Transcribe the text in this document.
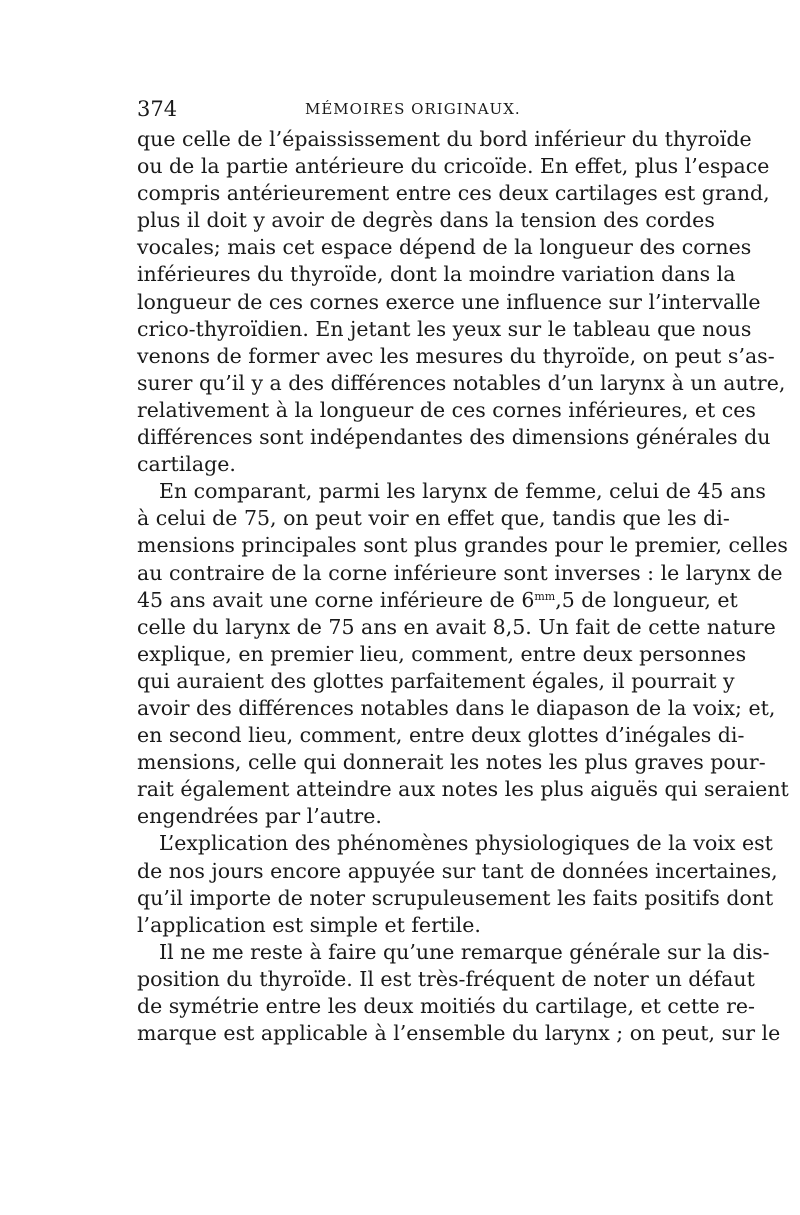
374	MÉMOIRES ORIGINAUX.
que celle de l’épaississement du bord inférieur du thyroïde
ou de la partie antérieure du cricoïde. En effet, plus l’espace
compris antérieurement entre ces deux cartilages est grand,
plus il doit y avoir de degrès dans la tension des cordes
vocales; mais cet espace dépend de la longueur des cornes
inférieures du thyroïde, dont la moindre variation dans la
longueur de ces cornes exerce une influence sur l’intervalle
crico-thyroïdien. En jetant les yeux sur le tableau que nous
venons de former avec les mesures du thyroïde, on peut s’as-
surer qu’il y a des différences notables d’un larynx à un autre,
relativement à la longueur de ces cornes inférieures, et ces
différences sont indépendantes des dimensions générales du
cartilage.
En comparant, parmi les larynx de femme, celui de 45 ans
à celui de 75, on peut voir en effet que, tandis que les di-
mensions principales sont plus grandes pour le premier, celles
au contraire de la corne inférieure sont inverses : le larynx de
45 ans avait une corne inférieure de $6^{mm},5$ de longueur, et
celle du larynx de 75 ans en avait 8,5. Un fait de cette nature
explique, en premier lieu, comment, entre deux personnes
qui auraient des glottes parfaitement égales, il pourrait y
avoir des différences notables dans le diapason de la voix; et,
en second lieu, comment, entre deux glottes d’inégales di-
mensions, celle qui donnerait les notes les plus graves pour-
rait également atteindre aux notes les plus aiguës qui seraient
engendrées par l’autre.
L’explication des phénomènes physiologiques de la voix est
de nos jours encore appuyée sur tant de données incertaines,
qu’il importe de noter scrupuleusement les faits positifs dont
l’application est simple et fertile.
Il ne me reste à faire qu’une remarque générale sur la dis-
position du thyroïde. Il est très-fréquent de noter un défaut
de symétrie entre les deux moitiés du cartilage, et cette re-
marque est applicable à l’ensemble du larynx ; on peut, sur le
